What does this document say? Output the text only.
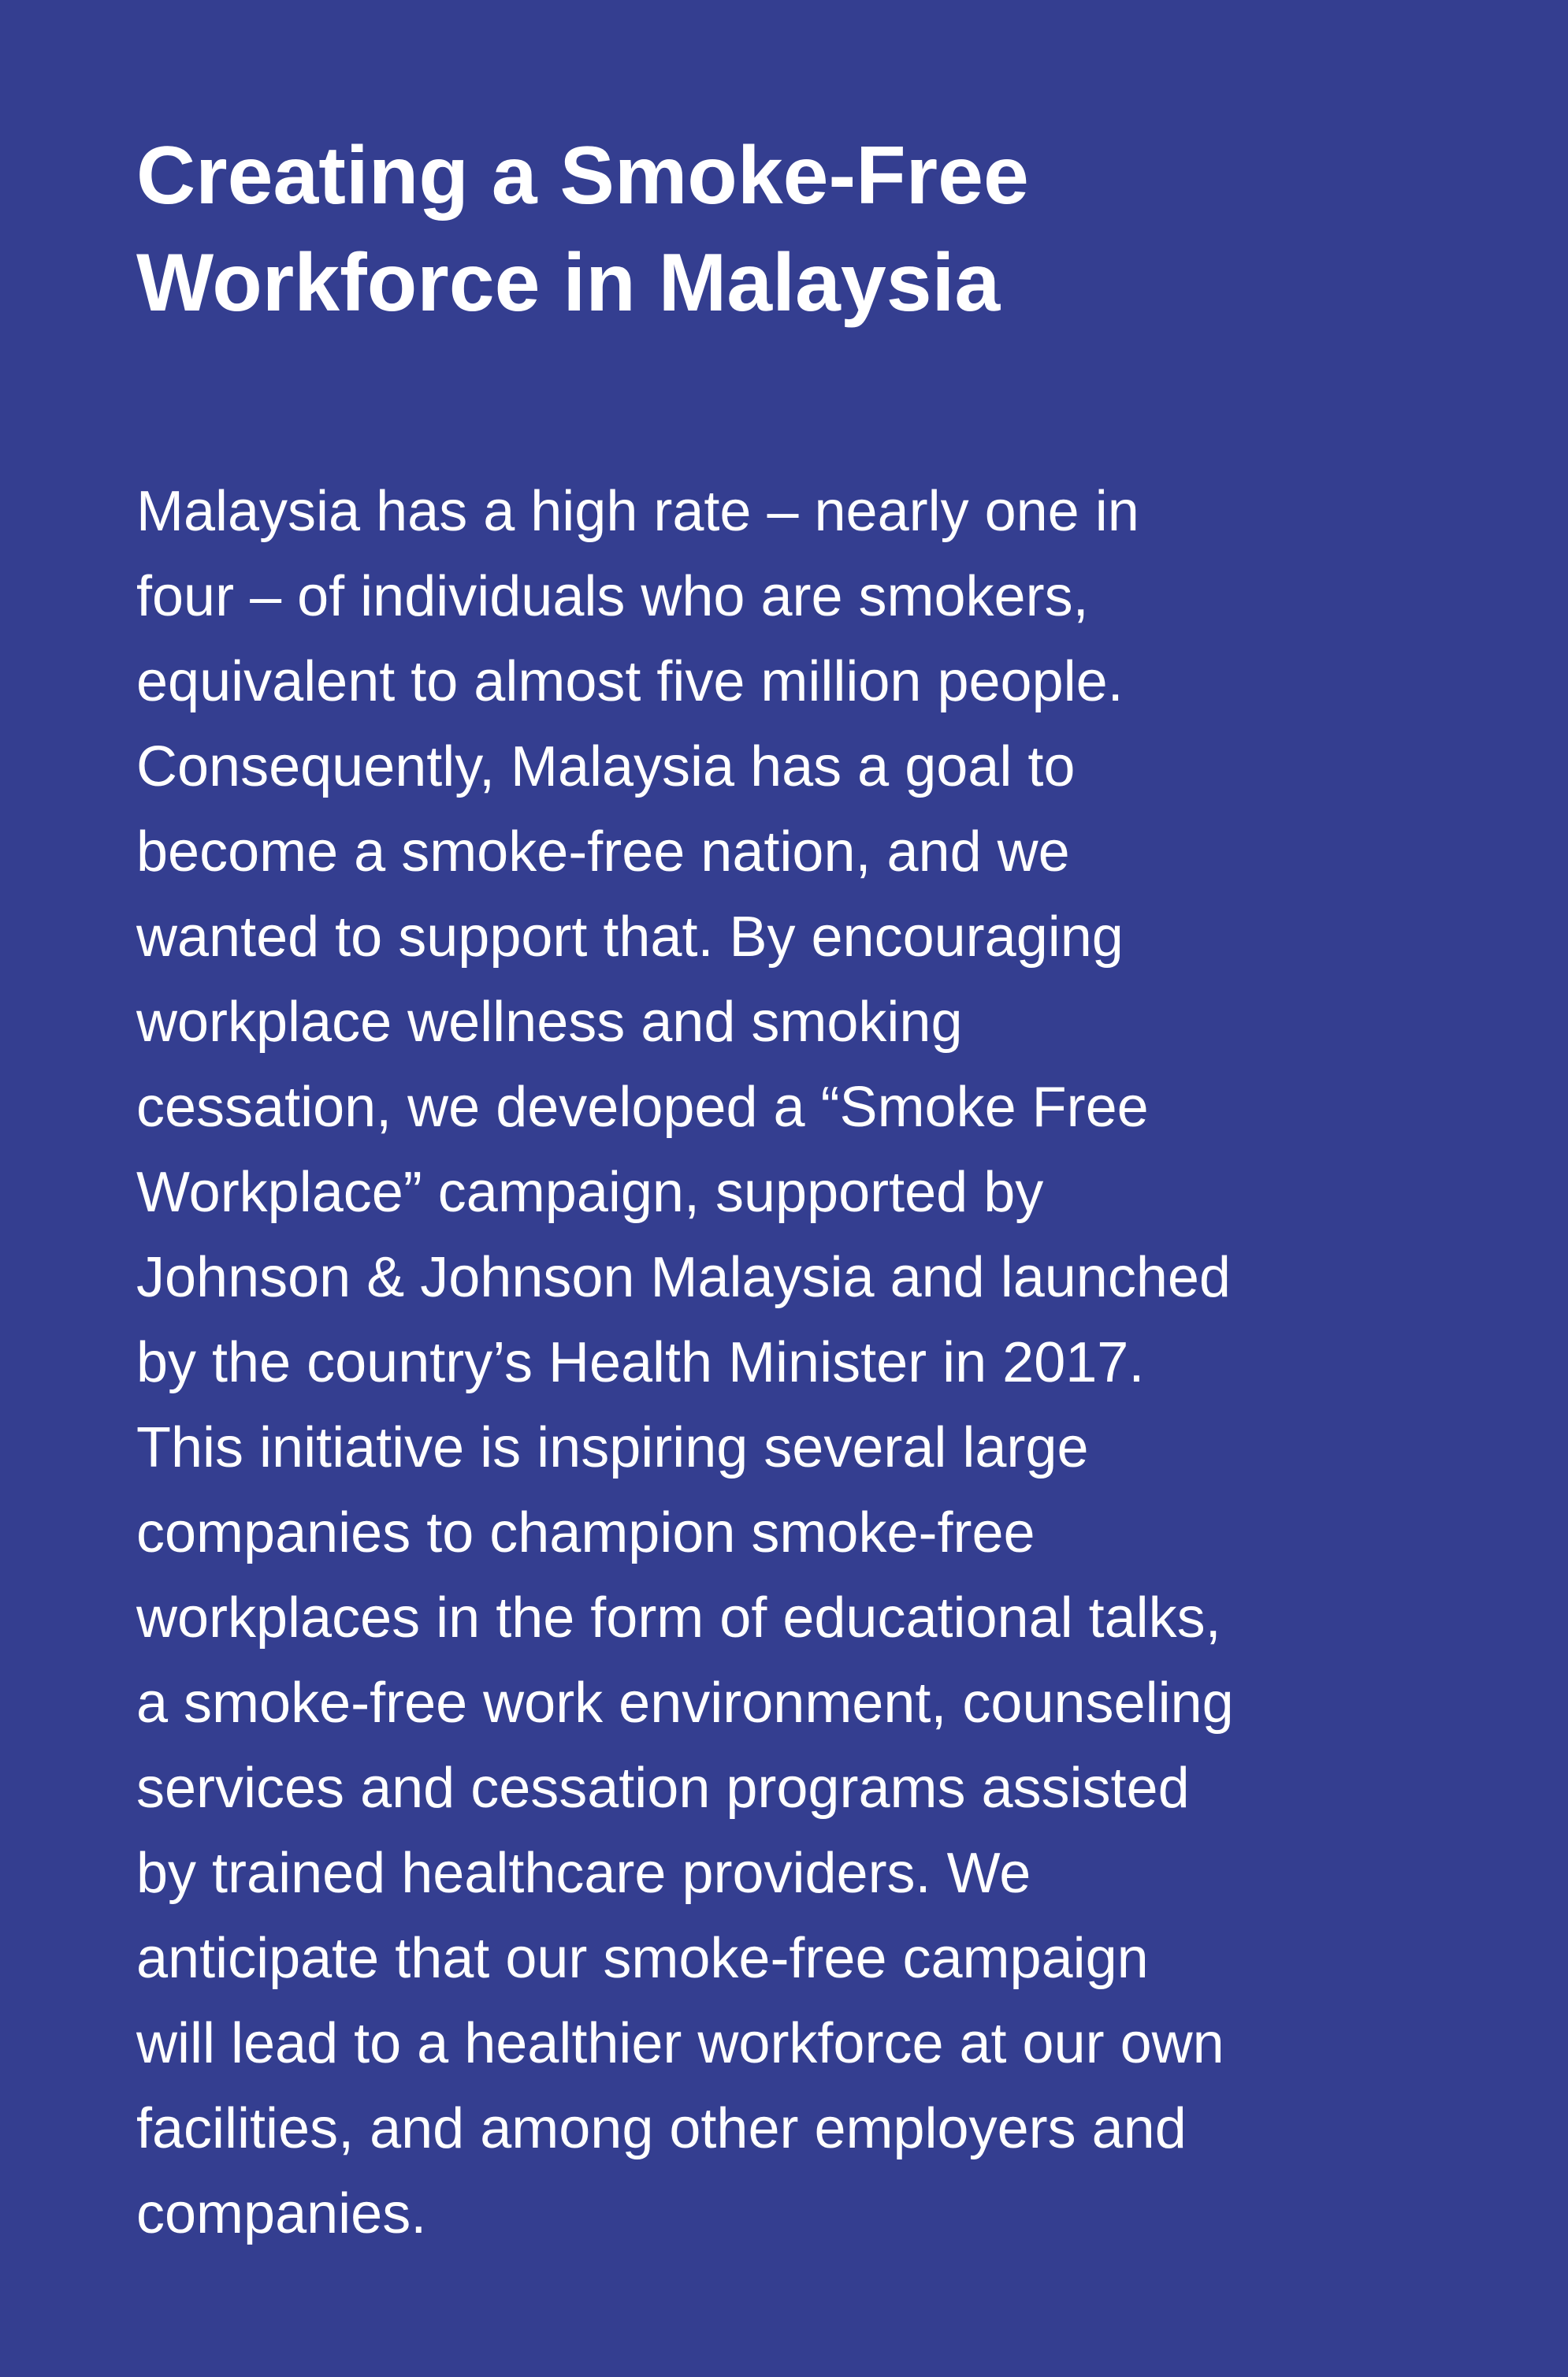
Creating a Smoke-Free
Workforce in Malaysia

Malaysia has a high rate – nearly one in
four – of individuals who are smokers,
equivalent to almost five million people.
Consequently, Malaysia has a goal to
become a smoke-free nation, and we
wanted to support that. By encouraging
workplace wellness and smoking
cessation, we developed a “Smoke Free
Workplace” campaign, supported by
Johnson & Johnson Malaysia and launched
by the country’s Health Minister in 2017.
This initiative is inspiring several large
companies to champion smoke-free
workplaces in the form of educational talks,
a smoke-free work environment, counseling
services and cessation programs assisted
by trained healthcare providers. We
anticipate that our smoke-free campaign
will lead to a healthier workforce at our own
facilities, and among other employers and
companies.
